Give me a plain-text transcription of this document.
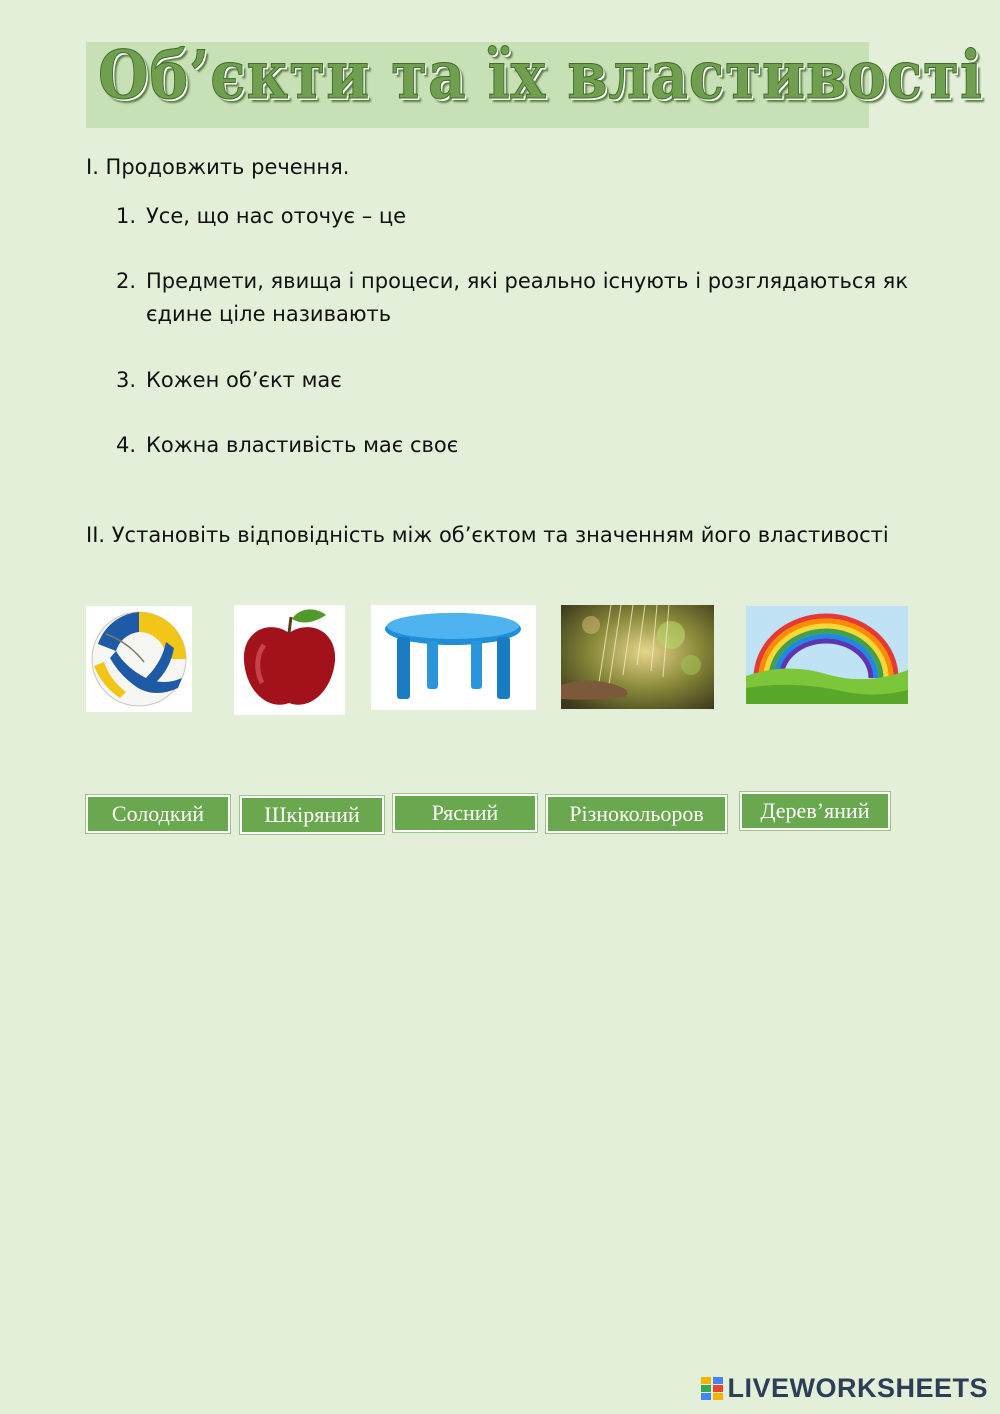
Об’єкти та їх властивості
I. Продовжить речення.
1. Усе, що нас оточує – це
2. Предмети, явища і процеси, які реально існують і розглядаються як єдине ціле називають
3. Кожен об’єкт має
4. Кожна властивість має своє
II. Установіть відповідність між об’єктом та значенням його властивості
Солодкий	Шкіряний	Рясний	Різнокольоров	Дерев’яний
LIVEWORKSHEETS
